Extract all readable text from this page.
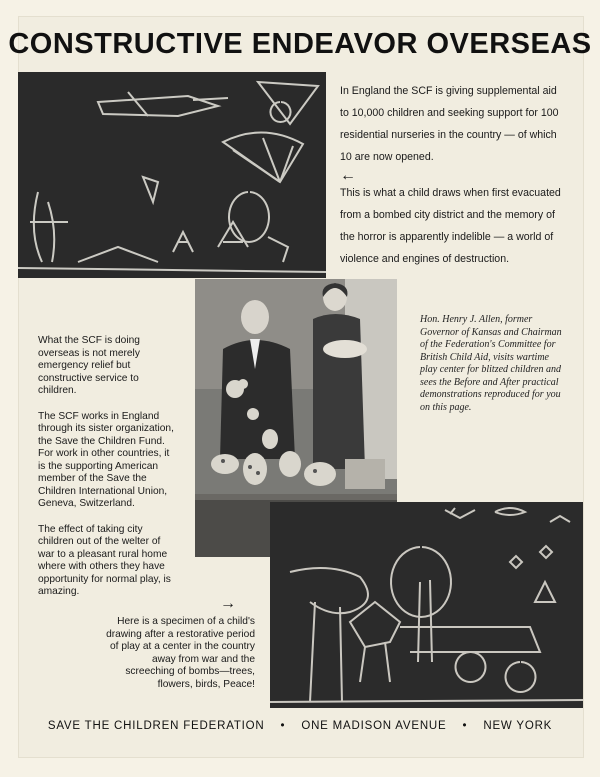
CONSTRUCTIVE ENDEAVOR OVERSEAS
In England the SCF is giving supplemental aid to 10,000 children and seeking support for 100 residential nurseries in the country — of which 10 are now opened.
←
This is what a child draws when first evacuated from a bombed city district and the memory of the horror is apparently indelible — a world of violence and engines of destruction.
Hon. Henry J. Allen, former Governor of Kansas and Chairman of the Federation's Committee for British Child Aid, visits wartime play center for blitzed children and sees the Before and After practical demonstrations reproduced for you on this page.

What the SCF is doing overseas is not merely emergency relief but constructive service to children.

The SCF works in England through its sister organization, the Save the Children Fund. For work in other countries, it is the supporting American member of the Save the Children International Union, Geneva, Switzerland.

The effect of taking city children out of the welter of war to a pleasant rural home where with others they have opportunity for normal play, is amazing.

→
Here is a specimen of a child's drawing after a restorative period of play at a center in the country away from war and the screeching of bombs—trees, flowers, birds, Peace!
SAVE THE CHILDREN FEDERATION • ONE MADISON AVENUE • NEW YORK
